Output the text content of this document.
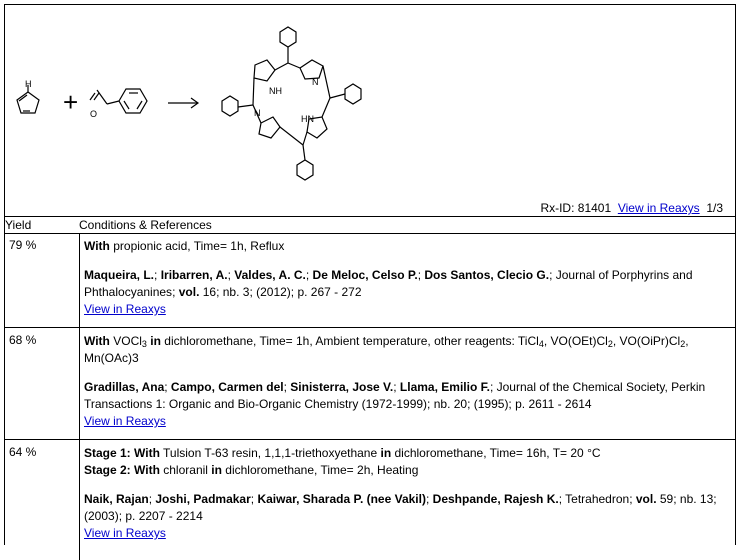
H
O
NH
N
N
HN
+
Rx-ID: 81401 View in Reaxys 1/3
Yield	Conditions & References
79 %	With propionic acid, Time= 1h, Reflux
Maqueira, L.; Iribarren, A.; Valdes, A. C.; De Meloc, Celso P.; Dos Santos, Clecio G.; Journal of Porphyrins and Phthalocyanines; vol. 16; nb. 3; (2012); p. 267 - 272
View in Reaxys
68 %	With VOCl$_3$ in dichloromethane, Time= 1h, Ambient temperature, other reagents: TiCl$_4$, $VO(OEt)Cl_2$, $VO(OiPr)Cl_2$,
Mn(OAc)3
Gradillas, Ana; Campo, Carmen del; Sinisterra, Jose V.; Llama, Emilio F.; Journal of the Chemical Society, Perkin Transactions 1: Organic and Bio-Organic Chemistry (1972-1999); nb. 20; (1995); p. 2611 - 2614
View in Reaxys
64 %	Stage 1: With Tulsion T-63 resin, 1,1,1-triethoxyethane in dichloromethane, Time= 16h, T= 20 °C
Stage 2: With chloranil in dichloromethane, Time= 2h, Heating
Naik, Rajan; Joshi, Padmakar; Kaiwar, Sharada P. (nee Vakil); Deshpande, Rajesh K.; Tetrahedron; vol. 59; nb. 13; (2003); p. 2207 - 2214
View in Reaxys
